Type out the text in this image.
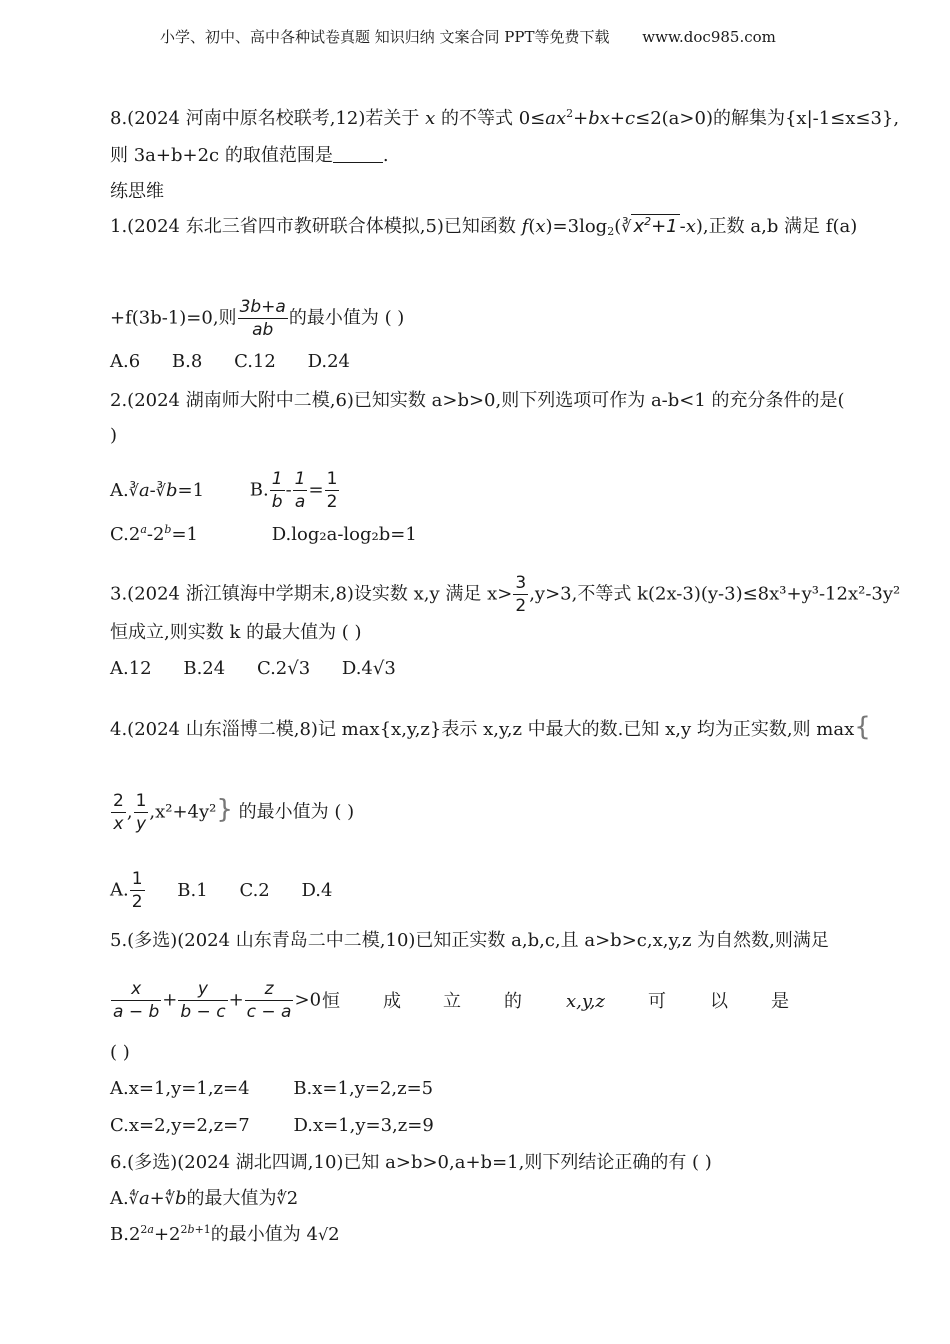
小学、初中、高中各种试卷真题 知识归纳 文案合同 PPT等免费下载 www.doc985.com
8.(2024 河南中原名校联考,12)若关于 x 的不等式 $0\le ax^2+bx+c\le 2(a>0)$的解集为{x|-1≤x≤3},
则 3a+b+2c 的取值范围是	.
练思维
1.(2024 东北三省四市教研联合体模拟,5)已知函数 $f(x)=3\log_2(∛$ $x^2+1$ -x),正数 a,b 满足 f(a)
+f(3b-1)=0,则 $\frac{3b+a}{ab}$ 的最小值为 ( )
A.6 B.8 C.12 D.24
2.(2024 湖南师大附中二模,6)已知实数 a>b>0,则下列选项可作为 a-b<1 的充分条件的是(
)
A.∛a-∛b=1	B. $\frac{1}{b} - \frac{1}{a} = \frac{1}{2}$
$C.2^a-2^b=1$	D.log₂a-log₂b=1
3.(2024 浙江镇海中学期末,8)设实数 x,y 满足 $x> \frac{3}{2} ,y>3$,不等式 k(2x-3)(y-3)≤8x³+y³-12x²-3y²
恒成立,则实数 k 的最大值为 ( )
A.12 B.24 C.2√3 D.4√3
4.(2024 山东淄博二模,8)记 max{x,y,z}表示 x,y,z 中最大的数.已知 x,y 均为正实数,则 max{
$\frac{2}{x}$ , $\frac{1}{y} ,x^2+4y^2$} 的最小值为 ( )
A. $\frac{1}{2} B.1$ C.2 D.4
5.(多选)(2024 山东青岛二中二模,10)已知正实数 a,b,c,且 a>b>c,x,y,z 为自然数,则满足
$\frac{x}{a - b} + \frac{y}{b - c} + \frac{z}{c - a} >0$ 恒 成 立 的 x,y,z 可 以 是
( )
A.x=1,y=1,z=4 B.x=1,y=2,z=5
C.x=2,y=2,z=7 D.x=1,y=3,z=9
6.(多选)(2024 湖北四调,10)已知 a>b>0,a+b=1,则下列结论正确的有 ( )
A.∜a+∜b的最大值为∜2
$B.2^{2a}+2^{2b+1}$的最小值为 4√2
